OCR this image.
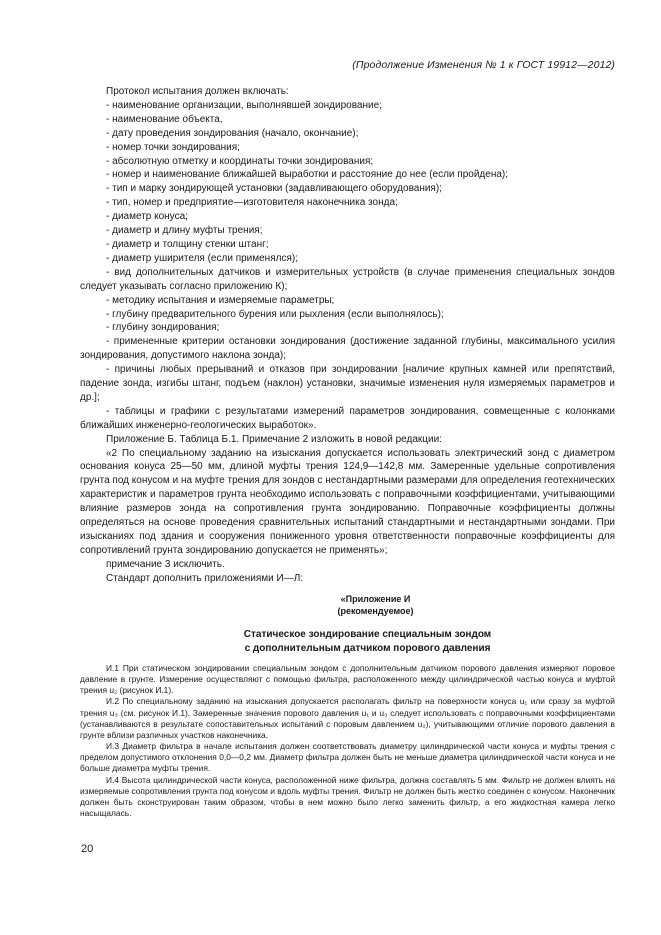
(Продолжение Изменения № 1 к ГОСТ 19912—2012)

Протокол испытания должен включать:

- наименование организации, выполнявшей зондирование;

- наименование объекта,

- дату проведения зондирования (начало, окончание);

- номер точки зондирования;

- абсолютную отметку и координаты точки зондирования;

- номер и наименование ближайшей выработки и расстояние до нее (если пройдена);

- тип и марку зондирующей установки (задавливающего оборудования);

- тип, номер и предприятие—изготовителя наконечника зонда;

- диаметр конуса;

- диаметр и длину муфты трения;

- диаметр и толщину стенки штанг;

- диаметр уширителя (если применялся);

- вид дополнительных датчиков и измерительных устройств (в случае применения специальных зондов следует указывать согласно приложению К);

- методику испытания и измеряемые параметры;

- глубину предварительного бурения или рыхления (если выполнялось);

- глубину зондирования;

- примененные критерии остановки зондирования (достижение заданной глубины, максимального усилия зондирования, допустимого наклона зонда);

- причины любых прерываний и отказов при зондировании [наличие крупных камней или препятствий, падение зонда, изгибы штанг, подъем (наклон) установки, значимые изменения нуля измеряемых параметров и др.];

- таблицы и графики с результатами измерений параметров зондирования, совмещенные с колонками ближайших инженерно-геологических выработок».

Приложение Б. Таблица Б.1. Примечание 2 изложить в новой редакции:

«2 По специальному заданию на изыскания допускается использовать электрический зонд с диаметром основания конуса 25—50 мм, длиной муфты трения 124,9—142,8 мм. Замеренные удельные сопротивления грунта под конусом и на муфте трения для зондов с нестандартными размерами для определения геотехнических характеристик и параметров грунта необходимо использовать с поправочными коэффициентами, учитывающими влияние размеров зонда на сопротивления грунта зондированию. Поправочные коэффициенты должны определяться на основе проведения сравнительных испытаний стандартными и нестандартными зондами. При изысканиях под здания и сооружения пониженного уровня ответственности поправочные коэффициенты для сопротивлений грунта зондированию допускается не применять»;

примечание 3 исключить.

Стандарт дополнить приложениями И—Л:

«Приложение И
(рекомендуемое)
Статическое зондирование специальным зондом
с дополнительным датчиком порового давления

И.1 При статическом зондировании специальным зондом с дополнительным датчиком порового давления измеряют поровое давление в грунте. Измерение осуществляют с помощью фильтра, расположенного между цилиндрической частью конуса и муфтой трения u₂ (рисунок И.1).

И.2 По специальному заданию на изыскания допускается располагать фильтр на поверхности конуса u₁ или сразу за муфтой трения u₃ (см. рисунок И.1). Замеренные значения порового давления u₁ и u₃ следует использовать с поправочными коэффициентами (устанавливаются в результате сопоставительных испытаний с поровым давлением u₂), учитывающими отличие порового давления в грунте вблизи различных участков наконечника.

И.3 Диаметр фильтра в начале испытания должен соответствовать диаметру цилиндрической части конуса и муфты трения с пределом допустимого отклонения 0,0—0,2 мм. Диаметр фильтра должен быть не меньше диаметра цилиндрической части конуса и не больше диаметра муфты трения.

И.4 Высота цилиндрической части конуса, расположенной ниже фильтра, должна составлять 5 мм. Фильтр не должен влиять на измеряемые сопротивления грунта под конусом и вдоль муфты трения. Фильтр не должен быть жестко соединен с конусом. Наконечник должен быть сконструирован таким образом, чтобы в нем можно было легко заменить фильтр, а его жидкостная камера легко насыщалась.

20
